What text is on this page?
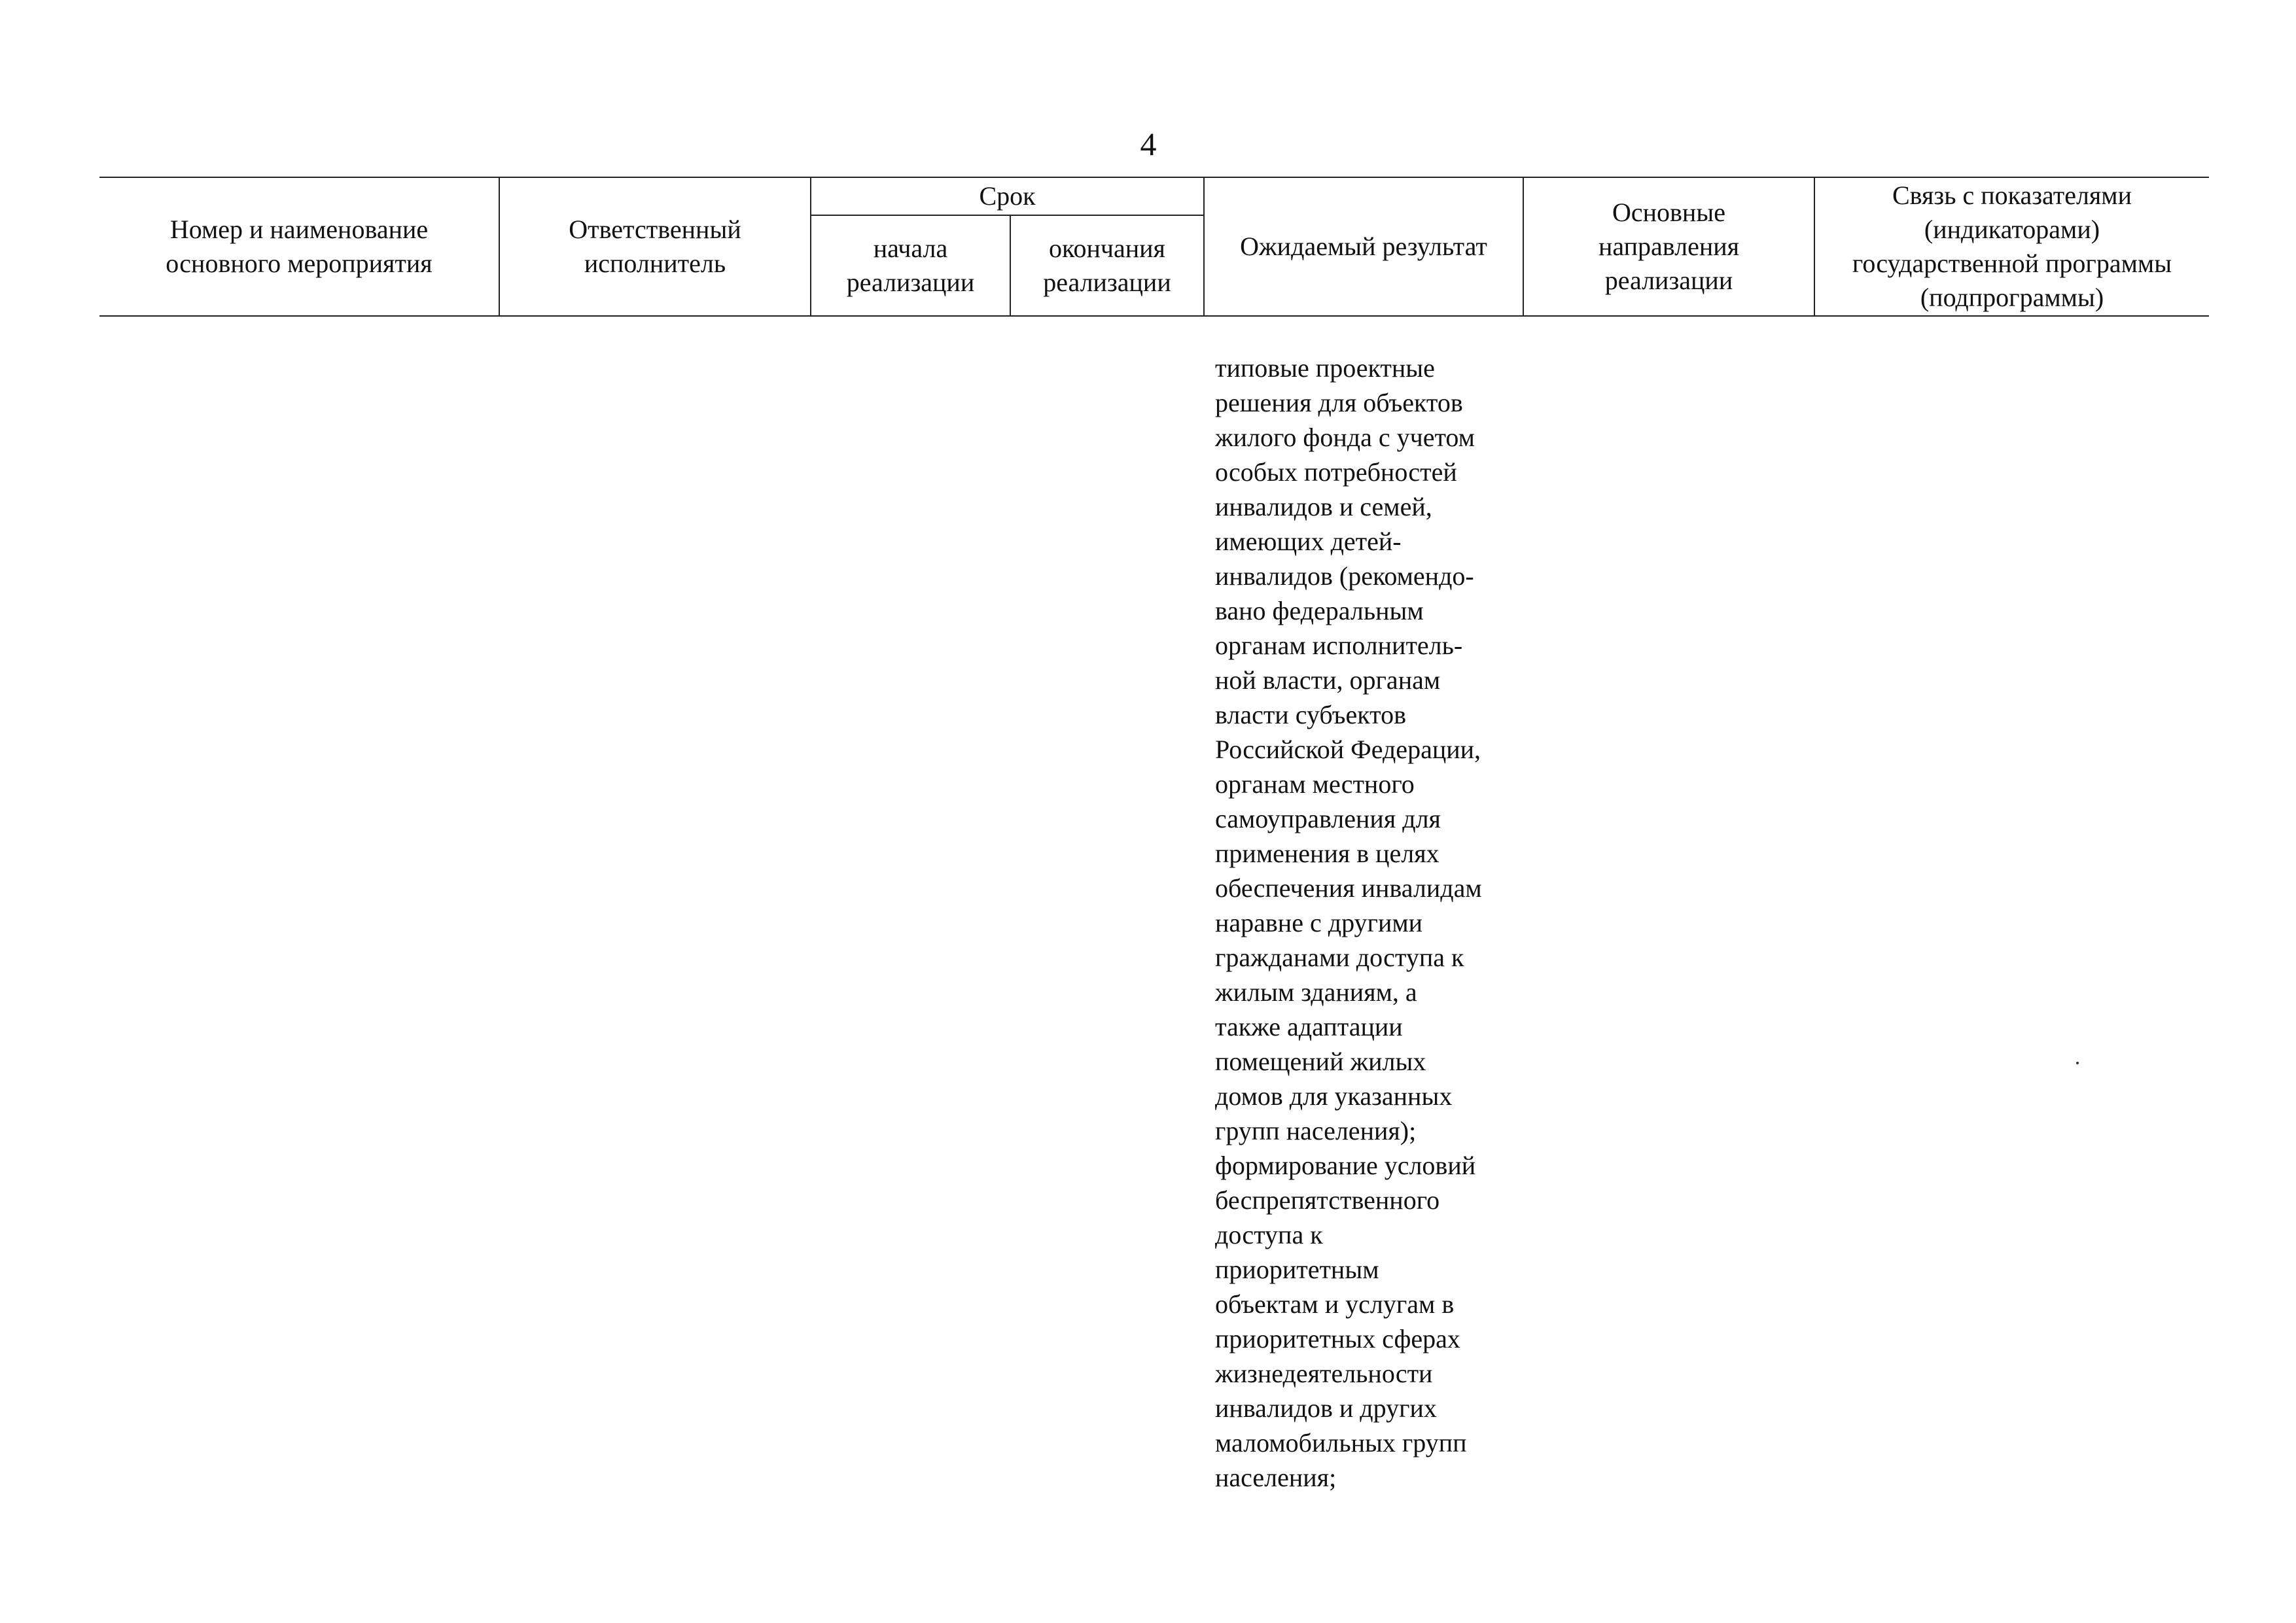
4
Номер и наименование
основного мероприятия
Ответственный
исполнитель
Срок
начала
реализации
окончания
реализации
Ожидаемый результат
Основные
направления
реализации
Связь с показателями
(индикаторами)
государственной программы
(подпрограммы)
типовые проектные
решения для объектов
жилого фонда с учетом
особых потребностей
инвалидов и семей,
имеющих детей-
инвалидов (рекомендо-
вано федеральным
органам исполнитель-
ной власти, органам
власти субъектов
Российской Федерации,
органам местного
самоуправления для
применения в целях
обеспечения инвалидам
наравне с другими
гражданами доступа к
жилым зданиям, а
также адаптации
помещений жилых
домов для указанных
групп населения);
формирование условий
беспрепятственного
доступа к
приоритетным
объектам и услугам в
приоритетных сферах
жизнедеятельности
инвалидов и других
маломобильных групп
населения;
